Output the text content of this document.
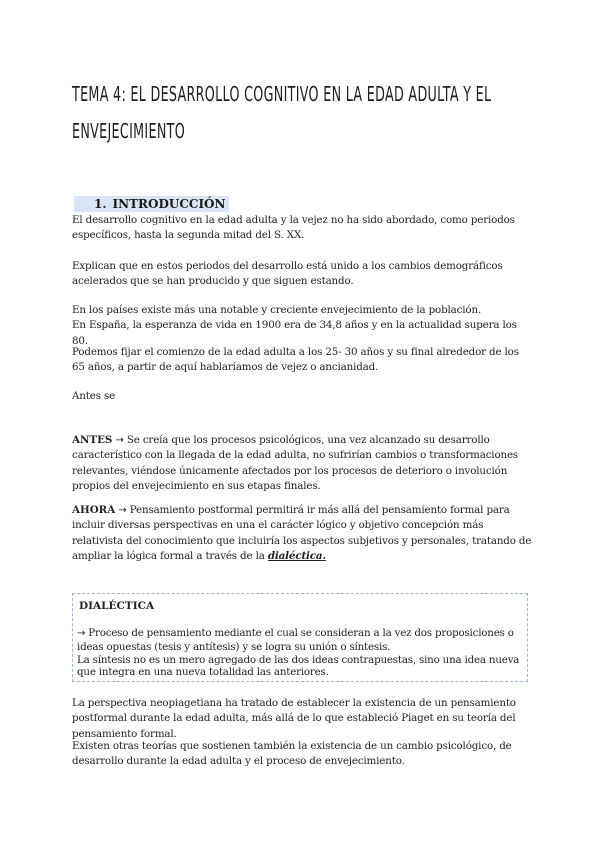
TEMA 4: EL DESARROLLO COGNITIVO EN LA EDAD ADULTA Y EL
ENVEJECIMIENTO
1. INTRODUCCIÓN
El desarrollo cognitivo en la edad adulta y la vejez no ha sido abordado, como periodos específicos, hasta la segunda mitad del S. XX.
Explican que en estos periodos del desarrollo está unido a los cambios demográficos acelerados que se han producido y que siguen estando.
En los países existe más una notable y creciente envejecimiento de la población.
En España, la esperanza de vida en 1900 era de 34,8 años y en la actualidad supera los 80.
Podemos fijar el comienzo de la edad adulta a los 25- 30 años y su final alrededor de los 65 años, a partir de aquí hablaríamos de vejez o ancianidad.
Antes se
ANTES → Se creía que los procesos psicológicos, una vez alcanzado su desarrollo característico con la llegada de la edad adulta, no sufrirían cambios o transformaciones relevantes, viéndose únicamente afectados por los procesos de deterioro o involución propios del envejecimiento en sus etapas finales.
AHORA → Pensamiento postformal permitirá ir más allá del pensamiento formal para incluir diversas perspectivas en una el carácter lógico y objetivo concepción más relativista del conocimiento que incluiría los aspectos subjetivos y personales, tratando de ampliar la lógica formal a través de la dialéctica.
DIALÉCTICA
→ Proceso de pensamiento mediante el cual se consideran a la vez dos proposiciones o ideas opuestas (tesis y antítesis) y se logra su unión o síntesis.
La síntesis no es un mero agregado de las dos ideas contrapuestas, sino una idea nueva que integra en una nueva totalidad las anteriores.
La perspectiva neopiagetiana ha tratado de establecer la existencia de un pensamiento postformal durante la edad adulta, más allá de lo que estableció Piaget en su teoría del pensamiento formal.
Existen otras teorías que sostienen también la existencia de un cambio psicológico, de desarrollo durante la edad adulta y el proceso de envejecimiento.
